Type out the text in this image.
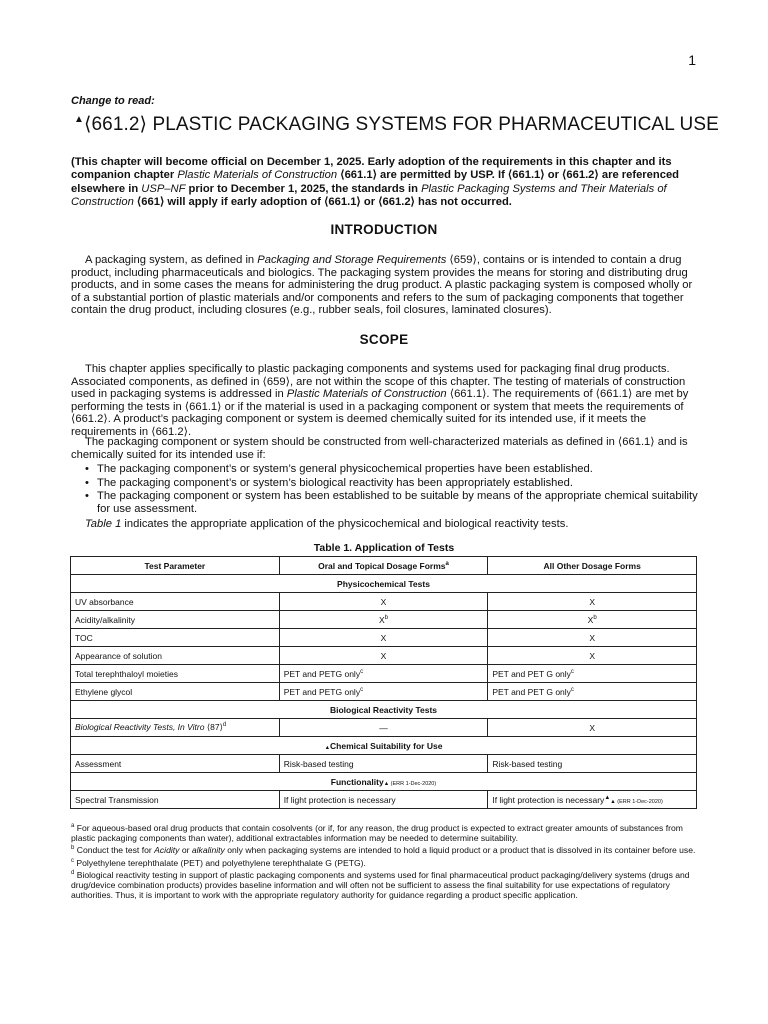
1
Change to read:
▲⟨661.2⟩ PLASTIC PACKAGING SYSTEMS FOR PHARMACEUTICAL USE
(This chapter will become official on December 1, 2025. Early adoption of the requirements in this chapter and its companion chapter Plastic Materials of Construction ⟨661.1⟩ are permitted by USP. If ⟨661.1⟩ or ⟨661.2⟩ are referenced elsewhere in USP–NF prior to December 1, 2025, the standards in Plastic Packaging Systems and Their Materials of Construction ⟨661⟩ will apply if early adoption of ⟨661.1⟩ or ⟨661.2⟩ has not occurred.
INTRODUCTION

A packaging system, as defined in Packaging and Storage Requirements ⟨659⟩, contains or is intended to contain a drug product, including pharmaceuticals and biologics. The packaging system provides the means for storing and distributing drug products, and in some cases the means for administering the drug product. A plastic packaging system is composed wholly or of a substantial portion of plastic materials and/or components and refers to the sum of packaging components that together contain the drug product, including closures (e.g., rubber seals, foil closures, laminated closures).

SCOPE

This chapter applies specifically to plastic packaging components and systems used for packaging final drug products. Associated components, as defined in ⟨659⟩, are not within the scope of this chapter. The testing of materials of construction used in packaging systems is addressed in Plastic Materials of Construction ⟨661.1⟩. The requirements of ⟨661.1⟩ are met by performing the tests in ⟨661.1⟩ or if the material is used in a packaging component or system that meets the requirements of ⟨661.2⟩. A product’s packaging component or system is deemed chemically suited for its intended use, if it meets the requirements in ⟨661.2⟩.

The packaging component or system should be constructed from well-characterized materials as defined in ⟨661.1⟩ and is chemically suited for its intended use if:

• The packaging component’s or system’s general physicochemical properties have been established.
• The packaging component’s or system’s biological reactivity has been appropriately established.
• The packaging component or system has been established to be suitable by means of the appropriate chemical suitability for use assessment.

Table 1 indicates the appropriate application of the physicochemical and biological reactivity tests.

Table 1. Application of Tests
Test Parameter	Oral and Topical Dosage Forms$^a$	All Other Dosage Forms
Physicochemical Tests		
UV absorbance	X	X
Acidity/alkalinity	$X^b$	$X^b$
TOC	X	X
Appearance of solution	X	X
Total terephthaloyl moieties	PET and PETG only$^c$	PET and PET G only$^c$
Ethylene glycol	PET and PETG only$^c$	PET and PET G only$^c$
Biological Reactivity Tests		
Biological Reactivity Tests, In Vitro ⟨87⟩$^d$	—	X
▲Chemical Suitability for Use		
Assessment	Risk-based testing	Risk-based testing
Functionality▲ (ERR 1-Dec-2020)		
Spectral Transmission	If light protection is necessary	If light protection is necessary▲▲ (ERR 1-Dec-2020)

$^a$ For aqueous-based oral drug products that contain cosolvents (or if, for any reason, the drug product is expected to extract greater amounts of substances from plastic packaging components than water), additional extractables information may be needed to determine suitability.

$^b$ Conduct the test for Acidity or alkalinity only when packaging systems are intended to hold a liquid product or a product that is dissolved in its container before use.

$^c$ Polyethylene terephthalate (PET) and polyethylene terephthalate G (PETG).

$^d$ Biological reactivity testing in support of plastic packaging components and systems used for final pharmaceutical product packaging/delivery systems (drugs and drug/device combination products) provides baseline information and will often not be sufficient to assess the final suitability for use expectations of regulatory authorities. Thus, it is important to work with the appropriate regulatory authority for guidance regarding a product specific application.
